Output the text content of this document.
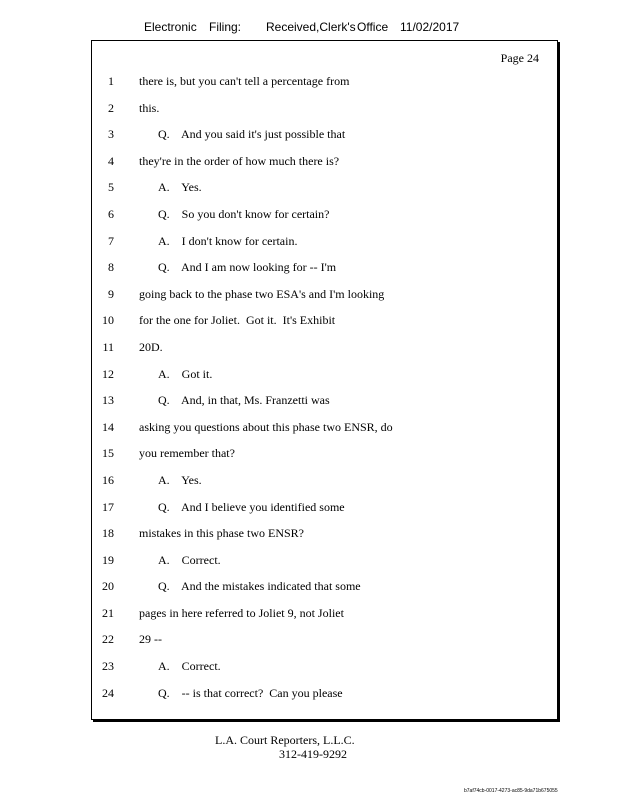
Electronic Filing: Received,Clerk's Office 11/02/2017
Page 24
1 there is, but you can't tell a percentage from
2 this.
3	Q.    And you said it's just possible that
4 they're in the order of how much there is?
5	A.    Yes.
6	Q.    So you don't know for certain?
7	A.    I don't know for certain.
8	Q.    And I am now looking for -- I'm
9 going back to the phase two ESA's and I'm looking
10 for the one for Joliet.  Got it.  It's Exhibit
11 20D.
12	A.    Got it.
13	Q.    And, in that, Ms. Franzetti was
14 asking you questions about this phase two ENSR, do
15 you remember that?
16	A.    Yes.
17	Q.    And I believe you identified some
18 mistakes in this phase two ENSR?
19	A.    Correct.
20	Q.    And the mistakes indicated that some
21 pages in here referred to Joliet 9, not Joliet
22 29 --
23	A.    Correct.
24	Q.    -- is that correct?  Can you please
L.A. Court Reporters, L.L.C.
312-419-9292
b7af74cb-0017-4273-ac85-9da71b675055
